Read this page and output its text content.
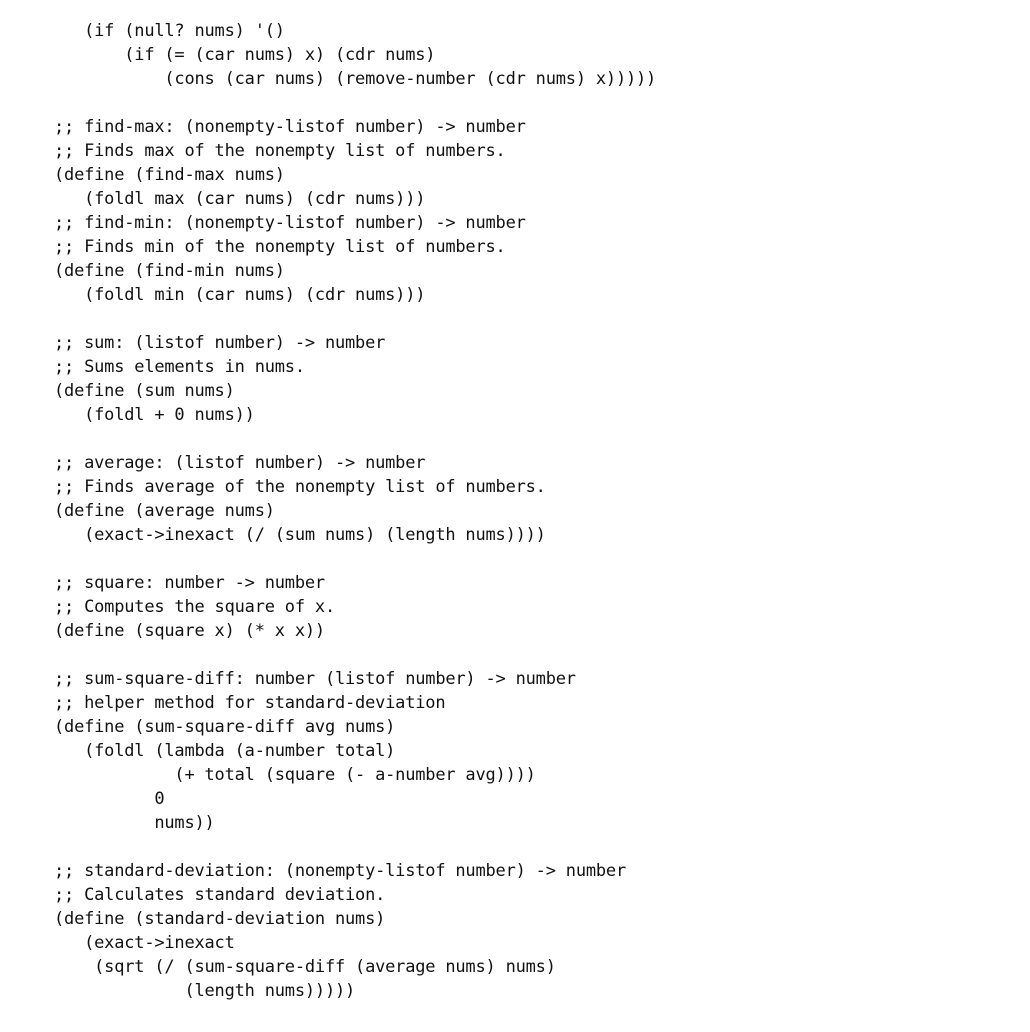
(if (null? nums) '()
(if (= (car nums) x) (cdr nums)
(cons (car nums) (remove-number (cdr nums) x)))))
;; find-max: (nonempty-listof number) -> number
;; Finds max of the nonempty list of numbers.
(define (find-max nums)
(foldl max (car nums) (cdr nums)))
;; find-min: (nonempty-listof number) -> number
;; Finds min of the nonempty list of numbers.
(define (find-min nums)
(foldl min (car nums) (cdr nums)))
;; sum: (listof number) -> number
;; Sums elements in nums.
(define (sum nums)
(foldl + 0 nums))
;; average: (listof number) -> number
;; Finds average of the nonempty list of numbers.
(define (average nums)
(exact->inexact (/ (sum nums) (length nums))))
;; square: number -> number
;; Computes the square of x.
(define (square x) (* x x))
;; sum-square-diff: number (listof number) -> number
;; helper method for standard-deviation
(define (sum-square-diff avg nums)
(foldl (lambda (a-number total)
(+ total (square (- a-number avg))))
0
nums))
;; standard-deviation: (nonempty-listof number) -> number
;; Calculates standard deviation.
(define (standard-deviation nums)
(exact->inexact
(sqrt (/ (sum-square-diff (average nums) nums)
(length nums)))))
